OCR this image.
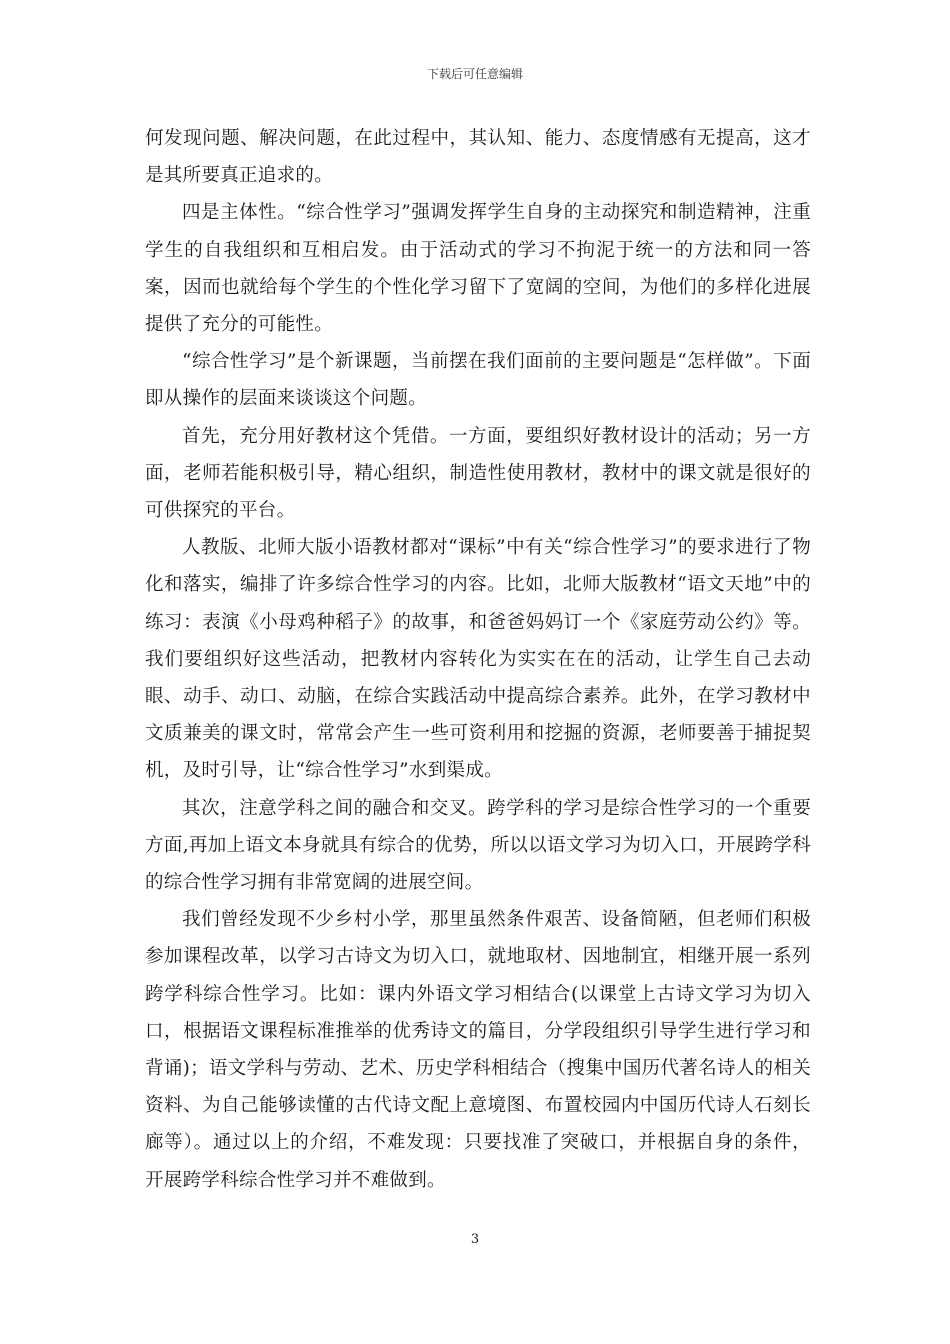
下载后可任意编辑

何发现问题、解决问题，在此过程中，其认知、能力、态度情感有无提高，这才是其所要真正追求的。

四是主体性。“综合性学习”强调发挥学生自身的主动探究和制造精神，注重学生的自我组织和互相启发。由于活动式的学习不拘泥于统一的方法和同一答案，因而也就给每个学生的个性化学习留下了宽阔的空间，为他们的多样化进展提供了充分的可能性。

“综合性学习”是个新课题，当前摆在我们面前的主要问题是“怎样做”。下面即从操作的层面来谈谈这个问题。

首先，充分用好教材这个凭借。一方面，要组织好教材设计的活动；另一方面，老师若能积极引导，精心组织，制造性使用教材，教材中的课文就是很好的可供探究的平台。

人教版、北师大版小语教材都对“课标”中有关“综合性学习”的要求进行了物化和落实，编排了许多综合性学习的内容。比如，北师大版教材“语文天地”中的练习：表演《小母鸡种稻子》的故事，和爸爸妈妈订一个《家庭劳动公约》等。我们要组织好这些活动，把教材内容转化为实实在在的活动，让学生自己去动眼、动手、动口、动脑，在综合实践活动中提高综合素养。此外，在学习教材中文质兼美的课文时，常常会产生一些可资利用和挖掘的资源，老师要善于捕捉契机，及时引导，让“综合性学习”水到渠成。

其次，注意学科之间的融合和交叉。跨学科的学习是综合性学习的一个重要方面,再加上语文本身就具有综合的优势，所以以语文学习为切入口，开展跨学科的综合性学习拥有非常宽阔的进展空间。

我们曾经发现不少乡村小学，那里虽然条件艰苦、设备简陋，但老师们积极参加课程改革，以学习古诗文为切入口，就地取材、因地制宜，相继开展一系列跨学科综合性学习。比如：课内外语文学习相结合(以课堂上古诗文学习为切入口，根据语文课程标准推举的优秀诗文的篇目，分学段组织引导学生进行学习和背诵)；语文学科与劳动、艺术、历史学科相结合（搜集中国历代著名诗人的相关资料、为自己能够读懂的古代诗文配上意境图、布置校园内中国历代诗人石刻长廊等）。通过以上的介绍，不难发现：只要找准了突破口，并根据自身的条件，开展跨学科综合性学习并不难做到。

3
